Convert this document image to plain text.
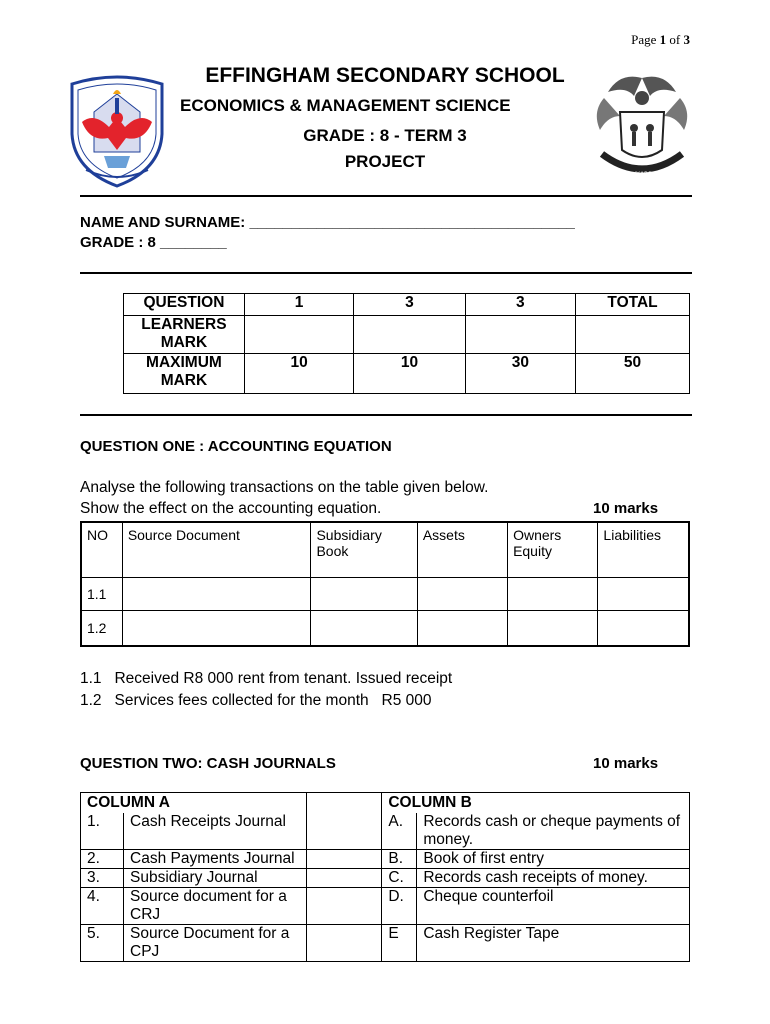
Page 1 of 3
!KE E: /XARRA //KE
EFFINGHAM SECONDARY SCHOOL
ECONOMICS & MANAGEMENT SCIENCE
GRADE : 8 - TERM 3
PROJECT
NAME AND SURNAME: _______________________________________
GRADE : 8 ________
QUESTION	1	3	3	TOTAL
LEARNERS MARK				
MAXIMUM MARK	10	10	30	50
QUESTION ONE : ACCOUNTING EQUATION
Analyse the following transactions on the table given below.
Show the effect on the accounting equation.	10 marks
NO	Source Document	Subsidiary Book	Assets	Owners Equity	Liabilities
1.1					
1.2					
1.1 Received R8 000 rent from tenant. Issued receipt
1.2 Services fees collected for the month   R5 000
QUESTION TWO: CASH JOURNALS	10 marks
COLUMN A			COLUMN B	
1.	Cash Receipts Journal		A.	Records cash or cheque payments of money.
2.	Cash Payments Journal		B.	Book of first entry
3.	Subsidiary Journal		C.	Records cash receipts of money.
4.	Source document for a CRJ		D.	Cheque counterfoil
5.	Source Document for a CPJ		E	Cash Register Tape
